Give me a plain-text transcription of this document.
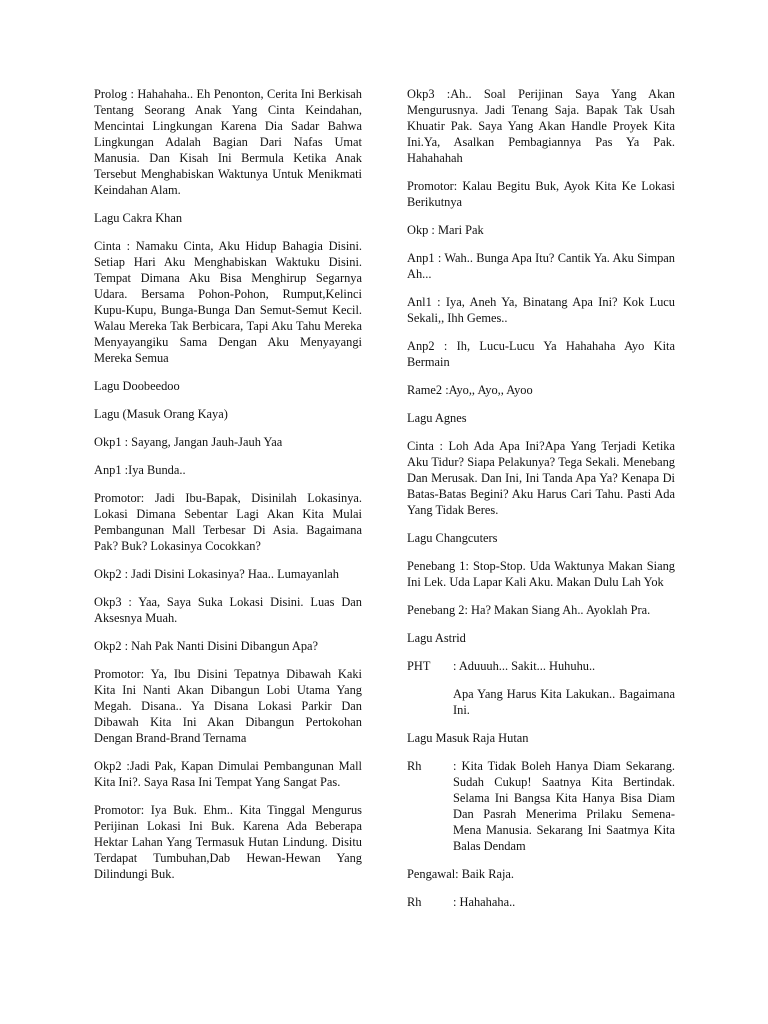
Prolog : Hahahaha.. Eh Penonton, Cerita Ini Berkisah Tentang Seorang Anak Yang Cinta Keindahan, Mencintai Lingkungan Karena Dia Sadar Bahwa Lingkungan Adalah Bagian Dari Nafas Umat Manusia. Dan Kisah Ini Bermula Ketika Anak Tersebut Menghabiskan Waktunya Untuk Menikmati Keindahan Alam.

Lagu Cakra Khan

Cinta : Namaku Cinta, Aku Hidup Bahagia Disini. Setiap Hari Aku Menghabiskan Waktuku Disini. Tempat Dimana Aku Bisa Menghirup Segarnya Udara. Bersama Pohon-Pohon, Rumput,Kelinci Kupu-Kupu, Bunga-Bunga Dan Semut-Semut Kecil. Walau Mereka Tak Berbicara, Tapi Aku Tahu Mereka Menyayangiku Sama Dengan Aku Menyayangi Mereka Semua

Lagu Doobeedoo

Lagu (Masuk Orang Kaya)

Okp1 : Sayang, Jangan Jauh-Jauh Yaa

Anp1 :Iya Bunda..

Promotor: Jadi Ibu-Bapak, Disinilah Lokasinya. Lokasi Dimana Sebentar Lagi Akan Kita Mulai Pembangunan Mall Terbesar Di Asia. Bagaimana Pak? Buk? Lokasinya Cocokkan?

Okp2 : Jadi Disini Lokasinya? Haa.. Lumayanlah

Okp3 : Yaa, Saya Suka Lokasi Disini. Luas Dan Aksesnya Muah.

Okp2 : Nah Pak Nanti Disini Dibangun Apa?

Promotor: Ya, Ibu Disini Tepatnya Dibawah Kaki Kita Ini Nanti Akan Dibangun Lobi Utama Yang Megah. Disana.. Ya Disana Lokasi Parkir Dan Dibawah Kita Ini Akan Dibangun Pertokohan Dengan Brand-Brand Ternama

Okp2 :Jadi Pak, Kapan Dimulai Pembangunan Mall Kita Ini?. Saya Rasa Ini Tempat Yang Sangat Pas.

Promotor: Iya Buk. Ehm.. Kita Tinggal Mengurus Perijinan Lokasi Ini Buk. Karena Ada Beberapa Hektar Lahan Yang Termasuk Hutan Lindung. Disitu Terdapat Tumbuhan,Dab Hewan-Hewan Yang Dilindungi Buk.

Okp3 :Ah.. Soal Perijinan Saya Yang Akan Mengurusnya. Jadi Tenang Saja. Bapak Tak Usah Khuatir Pak. Saya Yang Akan Handle Proyek Kita Ini.Ya, Asalkan Pembagiannya Pas Ya Pak. Hahahahah

Promotor: Kalau Begitu Buk, Ayok Kita Ke Lokasi Berikutnya

Okp : Mari Pak

Anp1 : Wah.. Bunga Apa Itu? Cantik Ya. Aku Simpan Ah...

Anl1 : Iya, Aneh Ya, Binatang Apa Ini? Kok Lucu Sekali,, Ihh Gemes..

Anp2 : Ih, Lucu-Lucu Ya Hahahaha Ayo Kita Bermain

Rame2 :Ayo,, Ayo,, Ayoo

Lagu Agnes

Cinta : Loh Ada Apa Ini?Apa Yang Terjadi Ketika Aku Tidur? Siapa Pelakunya? Tega Sekali. Menebang Dan Merusak. Dan Ini, Ini Tanda Apa Ya? Kenapa Di Batas-Batas Begini? Aku Harus Cari Tahu. Pasti Ada Yang Tidak Beres.

Lagu Changcuters

Penebang 1: Stop-Stop. Uda Waktunya Makan Siang Ini Lek. Uda Lapar Kali Aku. Makan Dulu Lah Yok

Penebang 2: Ha? Makan Siang Ah.. Ayoklah Pra.

Lagu Astrid

PHT	: Aduuuh... Sakit... Huhuhu..

Apa Yang Harus Kita Lakukan.. Bagaimana Ini.

Lagu Masuk Raja Hutan

Rh	: Kita Tidak Boleh Hanya Diam Sekarang. Sudah Cukup! Saatnya Kita Bertindak. Selama Ini Bangsa Kita Hanya Bisa Diam Dan Pasrah Menerima Prilaku Semena-Mena Manusia. Sekarang Ini Saatmya Kita Balas Dendam

Pengawal: Baik Raja.

Rh	: Hahahaha..
